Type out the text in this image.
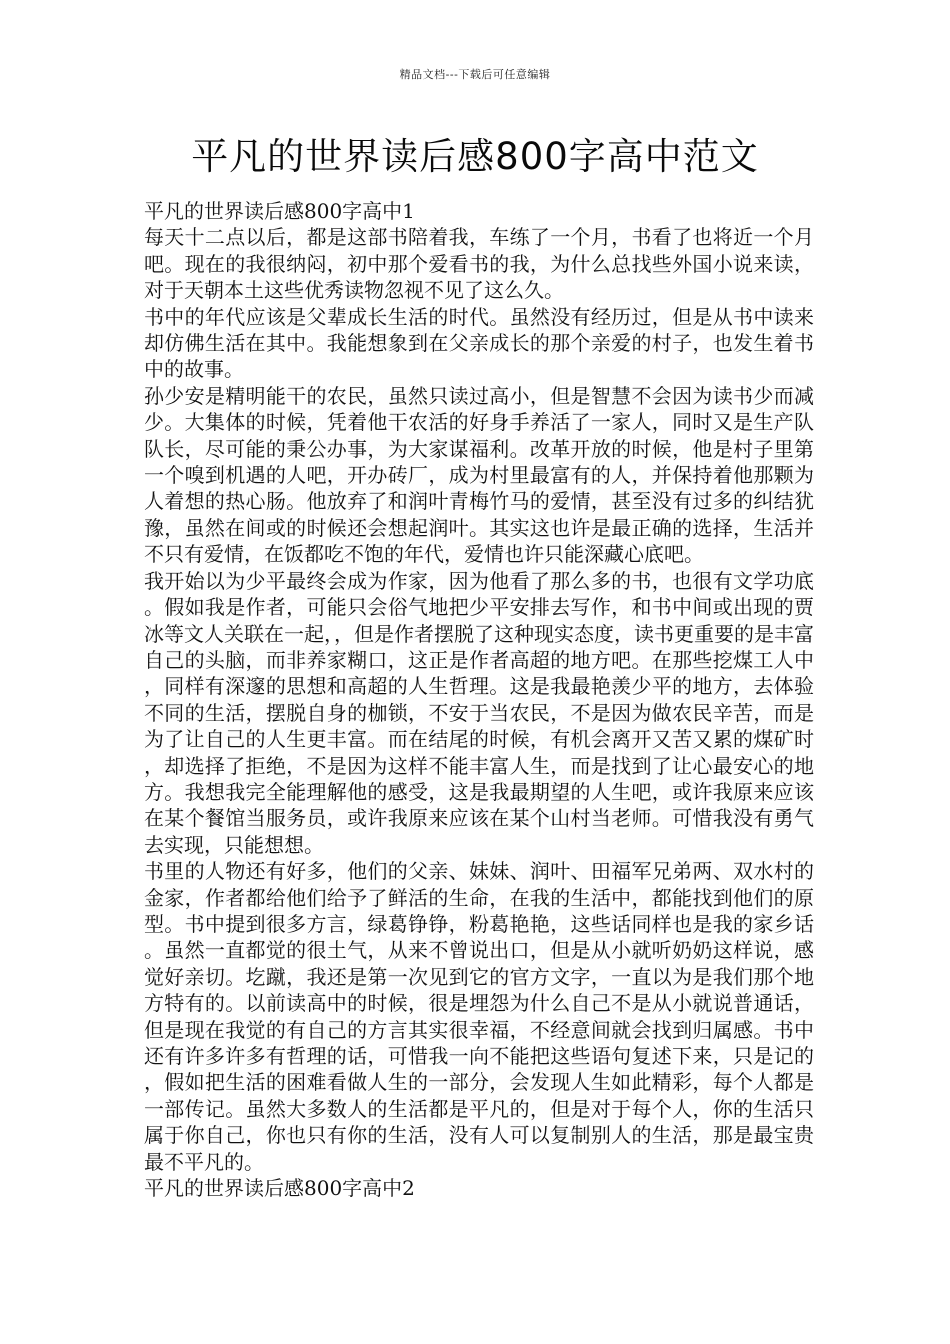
精品文档---下载后可任意编辑
平凡的世界读后感800字高中范文

平凡的世界读后感800字高中1

每天十二点以后，都是这部书陪着我，车练了一个月，书看了也将近一个月吧。现在的我很纳闷，初中那个爱看书的我，为什么总找些外国小说来读，对于天朝本土这些优秀读物忽视不见了这么久。

书中的年代应该是父辈成长生活的时代。虽然没有经历过，但是从书中读来却仿佛生活在其中。我能想象到在父亲成长的那个亲爱的村子，也发生着书中的故事。

孙少安是精明能干的农民，虽然只读过高小，但是智慧不会因为读书少而减少。大集体的时候，凭着他干农活的好身手养活了一家人，同时又是生产队队长，尽可能的秉公办事，为大家谋福利。改革开放的时候，他是村子里第一个嗅到机遇的人吧，开办砖厂，成为村里最富有的人，并保持着他那颗为人着想的热心肠。他放弃了和润叶青梅竹马的爱情，甚至没有过多的纠结犹豫，虽然在间或的时候还会想起润叶。其实这也许是最正确的选择，生活并不只有爱情，在饭都吃不饱的年代，爱情也许只能深藏心底吧。

我开始以为少平最终会成为作家，因为他看了那么多的书，也很有文学功底。假如我是作者，可能只会俗气地把少平安排去写作，和书中间或出现的贾冰等文人关联在一起，，但是作者摆脱了这种现实态度，读书更重要的是丰富自己的头脑，而非养家糊口，这正是作者高超的地方吧。在那些挖煤工人中，同样有深邃的思想和高超的人生哲理。这是我最艳羡少平的地方，去体验不同的生活，摆脱自身的枷锁，不安于当农民，不是因为做农民辛苦，而是为了让自己的人生更丰富。而在结尾的时候，有机会离开又苦又累的煤矿时，却选择了拒绝，不是因为这样不能丰富人生，而是找到了让心最安心的地方。我想我完全能理解他的感受，这是我最期望的人生吧，或许我原来应该在某个餐馆当服务员，或许我原来应该在某个山村当老师。可惜我没有勇气去实现，只能想想。

书里的人物还有好多，他们的父亲、妹妹、润叶、田福军兄弟两、双水村的金家，作者都给他们给予了鲜活的生命，在我的生活中，都能找到他们的原型。书中提到很多方言，绿葛铮铮，粉葛艳艳，这些话同样也是我的家乡话。虽然一直都觉的很土气，从来不曾说出口，但是从小就听奶奶这样说，感觉好亲切。圪蹴，我还是第一次见到它的官方文字，一直以为是我们那个地方特有的。以前读高中的时候，很是埋怨为什么自己不是从小就说普通话，但是现在我觉的有自己的方言其实很幸福，不经意间就会找到归属感。书中还有许多许多有哲理的话，可惜我一向不能把这些语句复述下来，只是记的，假如把生活的困难看做人生的一部分，会发现人生如此精彩，每个人都是一部传记。虽然大多数人的生活都是平凡的，但是对于每个人，你的生活只属于你自己，你也只有你的生活，没有人可以复制别人的生活，那是最宝贵最不平凡的。

平凡的世界读后感800字高中2
